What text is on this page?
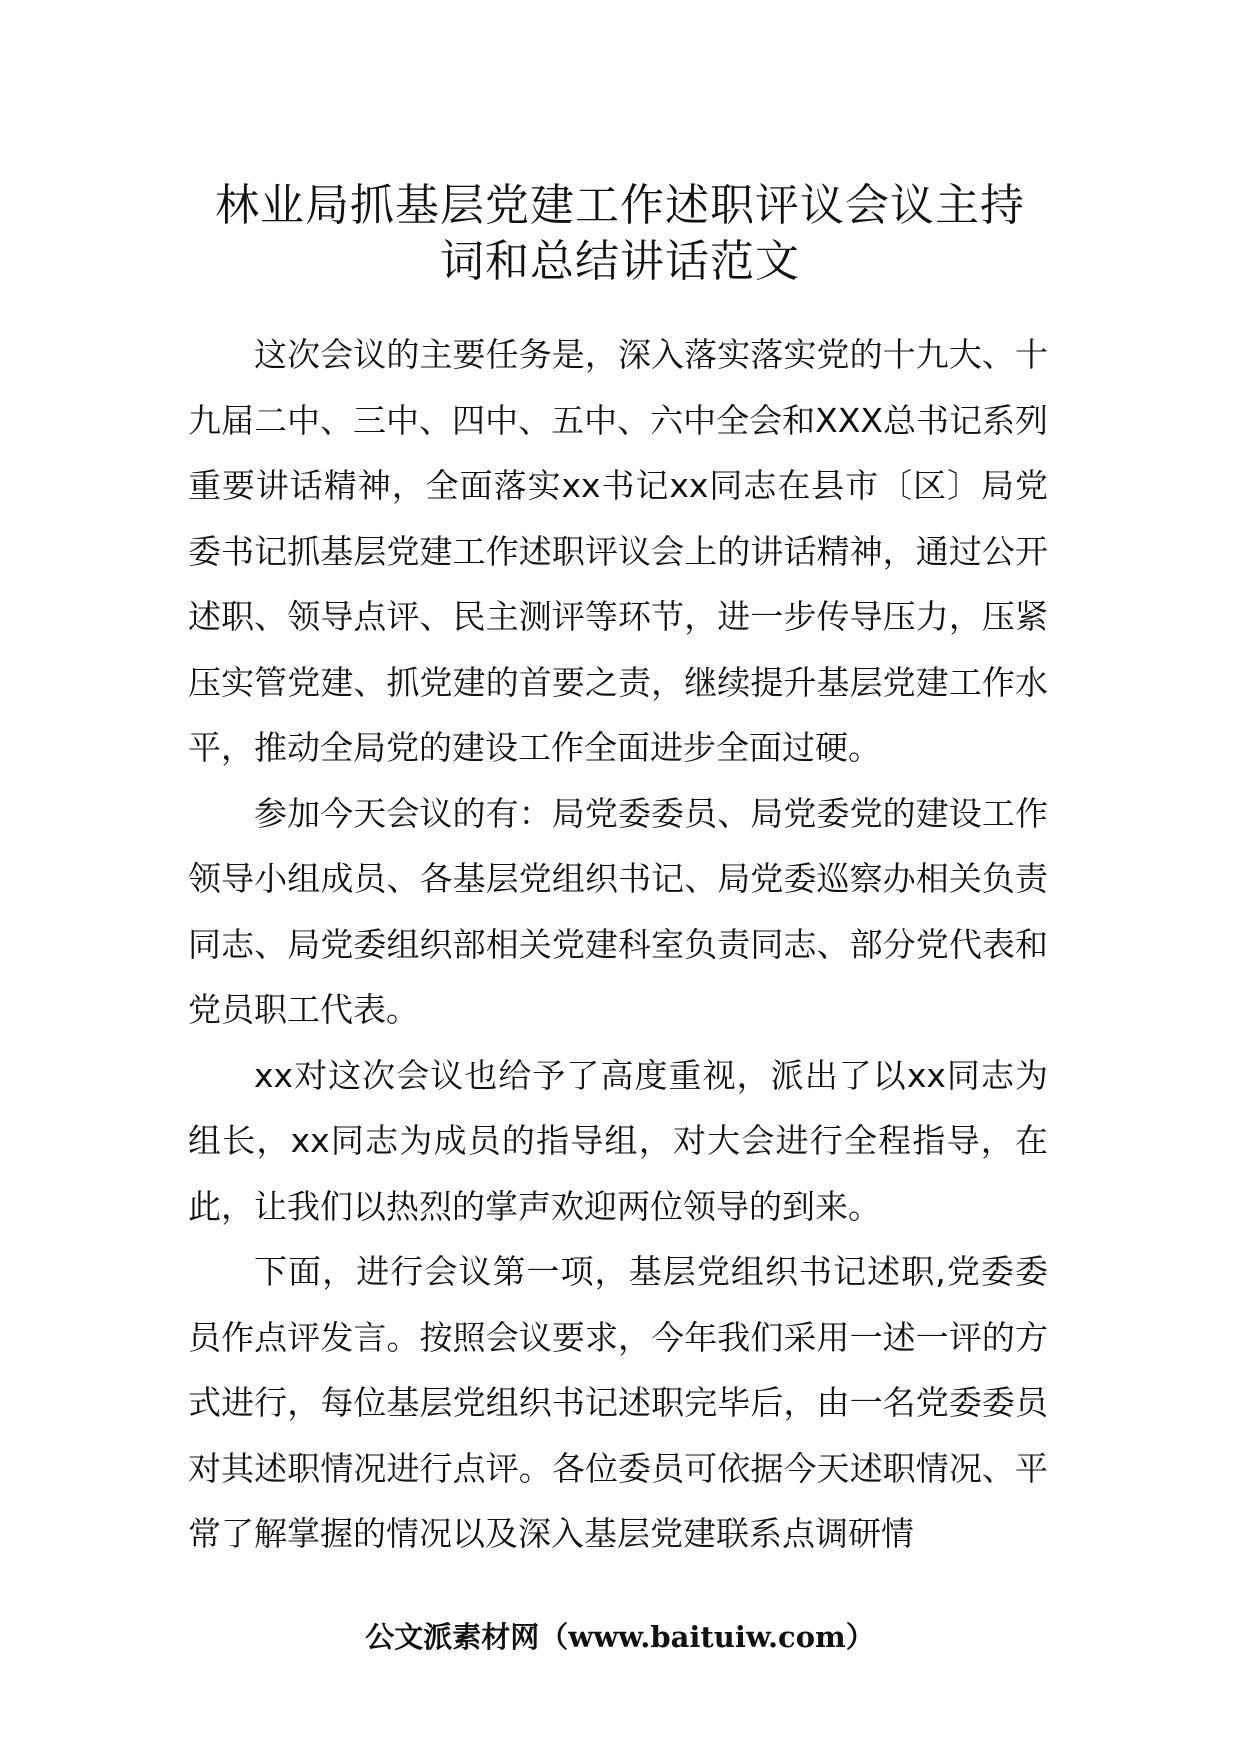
林业局抓基层党建工作述职评议会议主持
词和总结讲话范文

这次会议的主要任务是，深入落实落实党的十九大、十九届二中、三中、四中、五中、六中全会和XXX总书记系列重要讲话精神，全面落实xx书记xx同志在县市〔区〕局党委书记抓基层党建工作述职评议会上的讲话精神，通过公开述职、领导点评、民主测评等环节，进一步传导压力，压紧压实管党建、抓党建的首要之责，继续提升基层党建工作水平，推动全局党的建设工作全面进步全面过硬。

参加今天会议的有：局党委委员、局党委党的建设工作领导小组成员、各基层党组织书记、局党委巡察办相关负责同志、局党委组织部相关党建科室负责同志、部分党代表和党员职工代表。

xx对这次会议也给予了高度重视，派出了以xx同志为组长，xx同志为成员的指导组，对大会进行全程指导，在此，让我们以热烈的掌声欢迎两位领导的到来。

下面，进行会议第一项，基层党组织书记述职,党委委员作点评发言。按照会议要求，今年我们采用一述一评的方式进行，每位基层党组织书记述职完毕后，由一名党委委员对其述职情况进行点评。各位委员可依据今天述职情况、平常了解掌握的情况以及深入基层党建联系点调研情

公文派素材网（www.baituiw.com）
